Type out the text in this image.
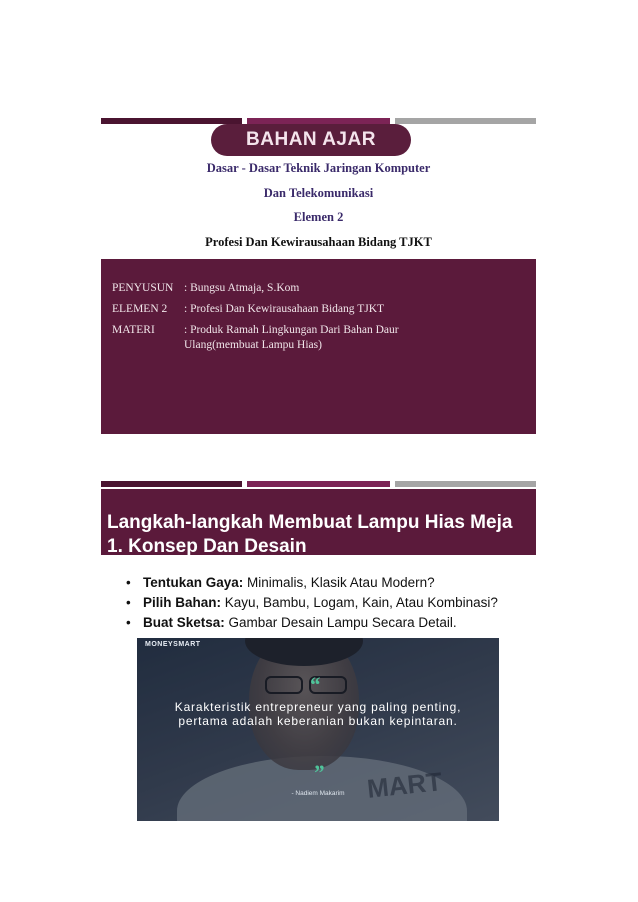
BAHAN AJAR
Dasar - Dasar Teknik Jaringan Komputer
Dan Telekomunikasi
Elemen 2
Profesi Dan Kewirausahaan Bidang TJKT
PENYUSUN : Bungsu Atmaja, S.Kom
ELEMEN 2	: Profesi Dan Kewirausahaan Bidang TJKT
MATERI	: Produk Ramah Lingkungan Dari Bahan Daur Ulang(membuat Lampu Hias)
Langkah-langkah Membuat Lampu Hias Meja
1. Konsep Dan Desain
• Tentukan Gaya: Minimalis, Klasik Atau Modern?
• Pilih Bahan: Kayu, Bambu, Logam, Kain, Atau Kombinasi?
• Buat Sketsa: Gambar Desain Lampu Secara Detail.
MART
MONEYSMART
“
Karakteristik entrepreneur yang paling penting, pertama adalah keberanian bukan kepintaran.
”
- Nadiem Makarim
